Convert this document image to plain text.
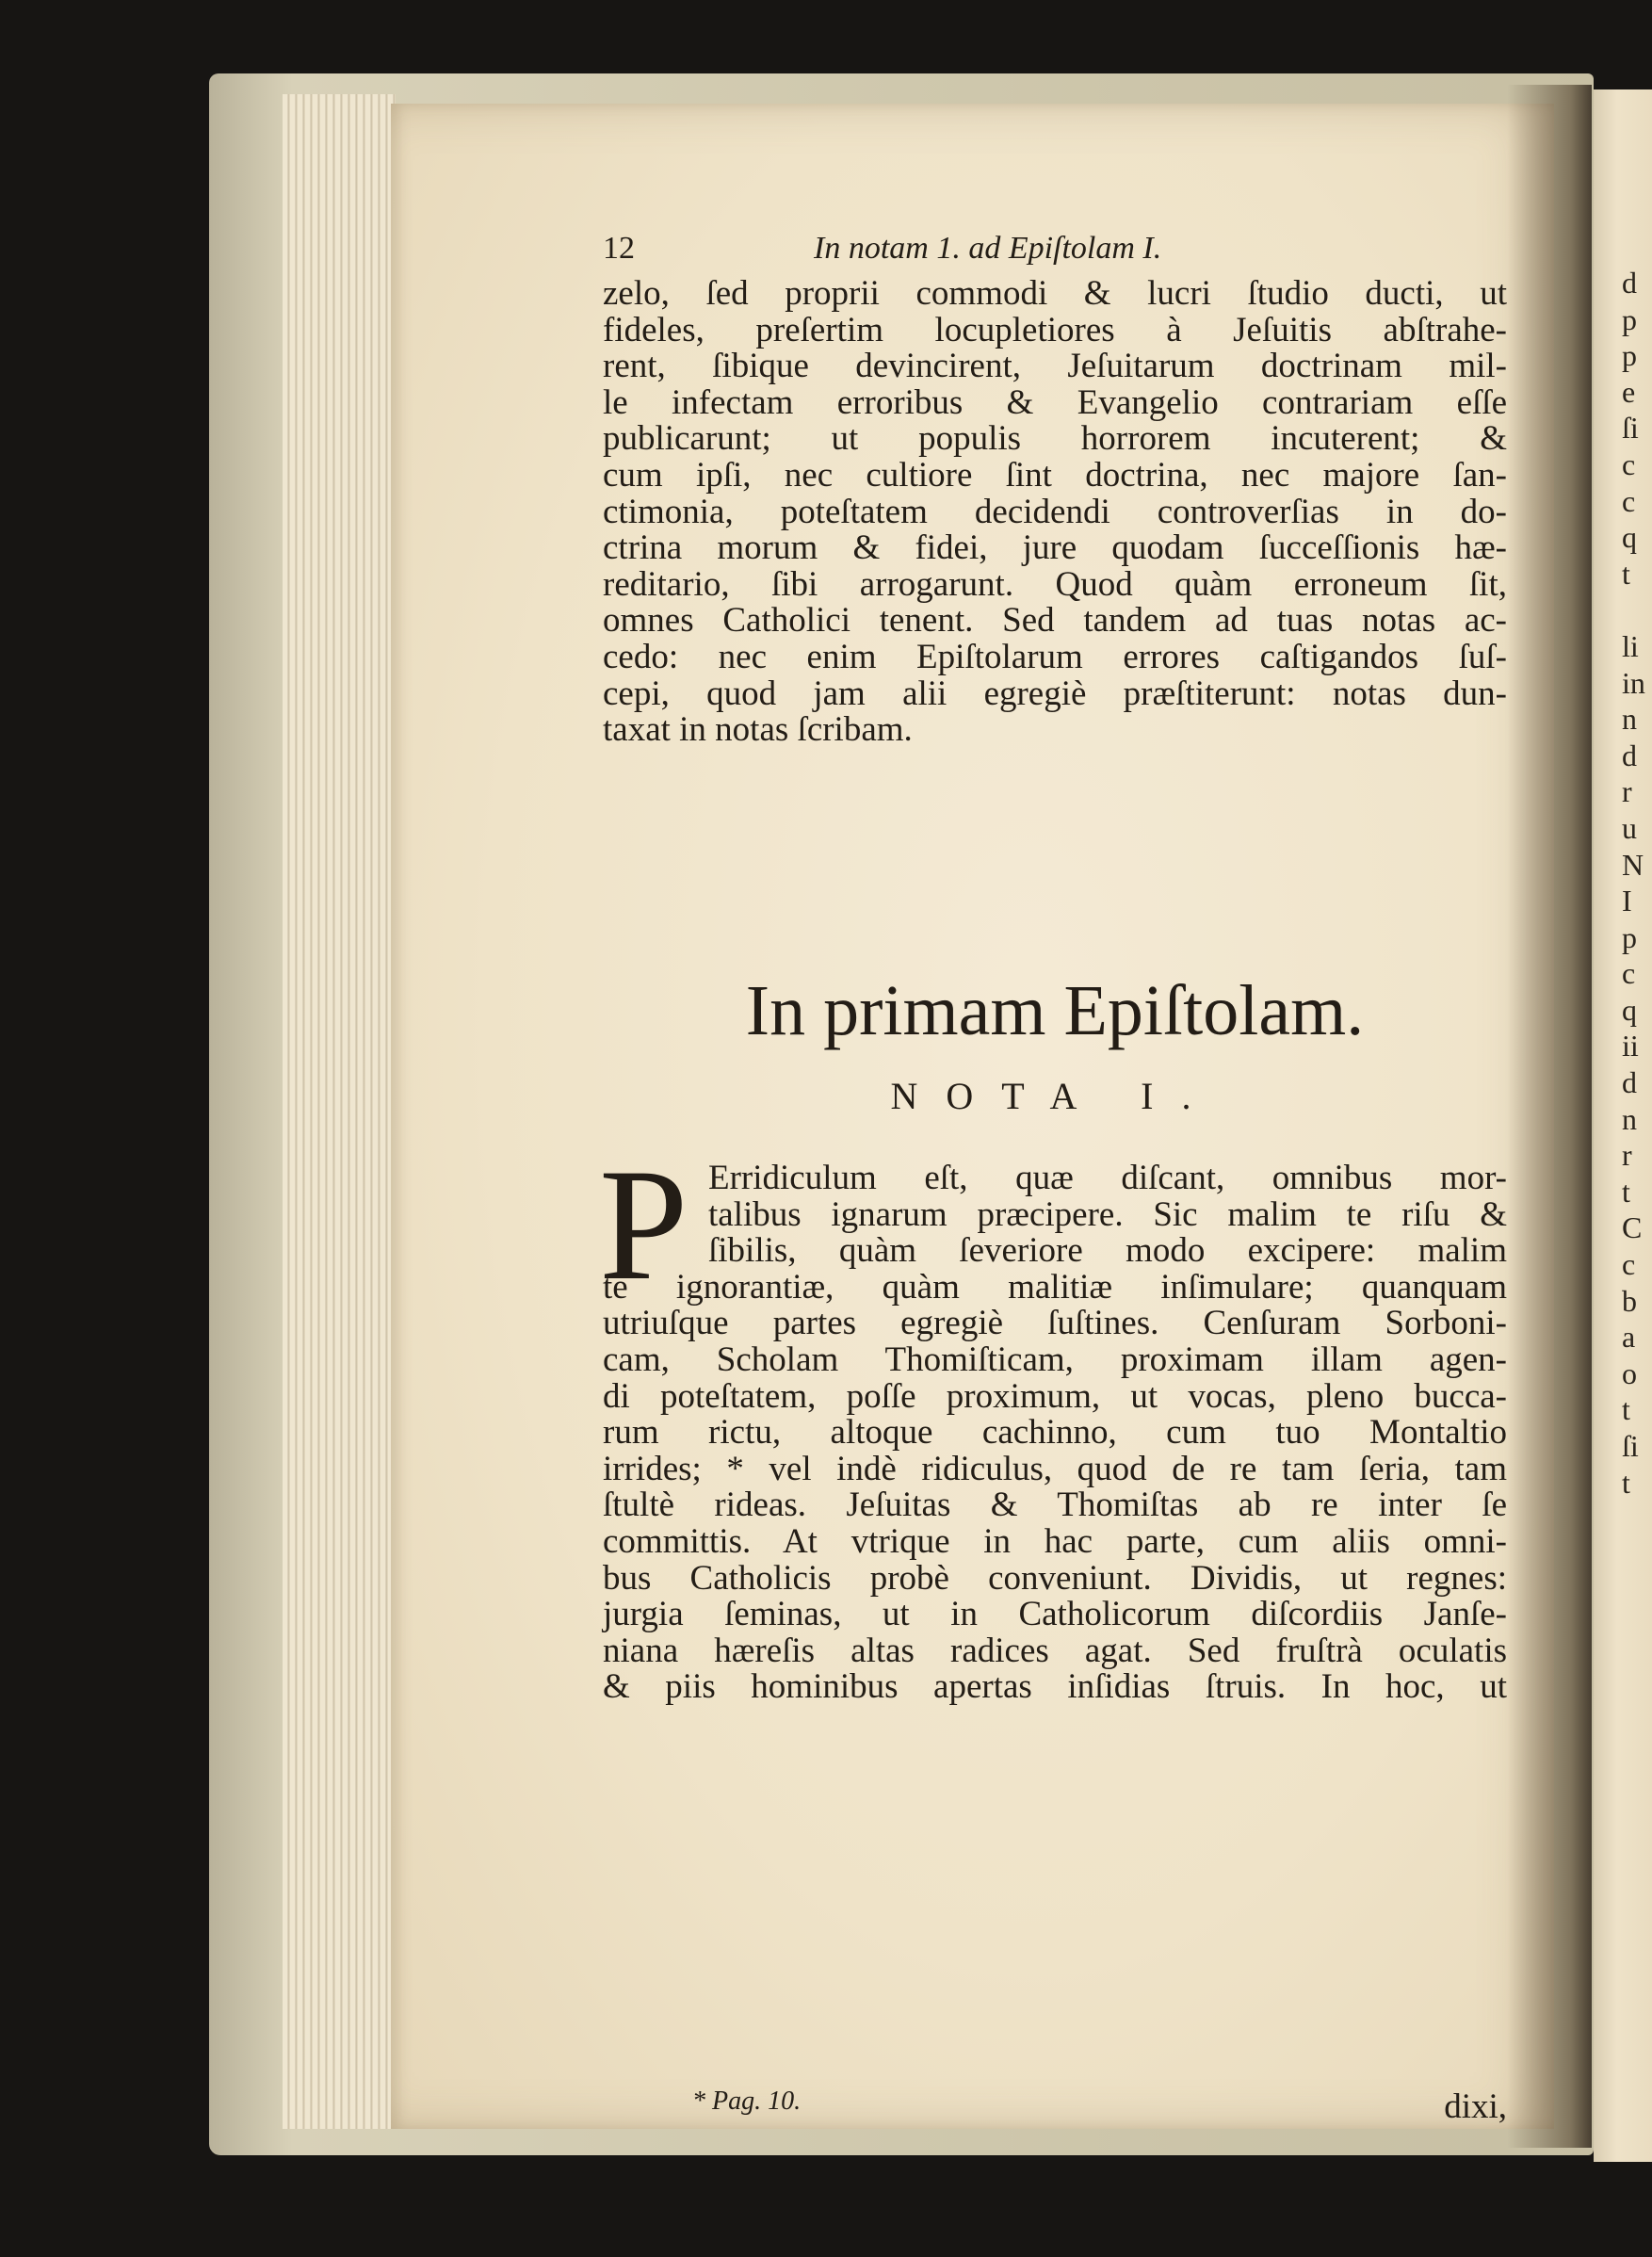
d
p
p
e
ſi
c
c
q
t
li
in
n
d
r
u
N
I
p
c
q
ii
d
n
r
t
C
c
b
a
o
t
ſi
t
12	In notam 1. ad Epiſtolam I.
zelo, ſed proprii commodi & lucri ſtudio ducti, ut
fideles, preſertim locupletiores à Jeſuitis abſtrahe-
rent, ſibique devincirent, Jeſuitarum doctrinam mil-
le infectam erroribus & Evangelio contrariam eſſe
publicarunt; ut populis horrorem incuterent; &
cum ipſi, nec cultiore ſint doctrina, nec majore ſan-
ctimonia, poteſtatem decidendi controverſias in do-
ctrina morum & fidei, jure quodam ſucceſſionis hæ-
reditario, ſibi arrogarunt. Quod quàm erroneum ſit,
omnes Catholici tenent. Sed tandem ad tuas notas ac-
cedo: nec enim Epiſtolarum errores caſtigandos ſuſ-
cepi, quod jam alii egregiè præſtiterunt: notas dun-
taxat in notas ſcribam.
In primam Epiſtolam.
NOTA I.
P Erridiculum eſt, quæ diſcant, omnibus mor-
talibus ignarum præcipere. Sic malim te riſu &
ſibilis, quàm ſeveriore modo excipere: malim
te ignorantiæ, quàm malitiæ inſimulare; quanquam
utriuſque partes egregiè ſuſtines. Cenſuram Sorboni-
cam, Scholam Thomiſticam, proximam illam agen-
di poteſtatem, poſſe proximum, ut vocas, pleno bucca-
rum rictu, altoque cachinno, cum tuo Montaltio
irrides; * vel indè ridiculus, quod de re tam ſeria, tam
ſtultè rideas. Jeſuitas & Thomiſtas ab re inter ſe
committis. At vtrique in hac parte, cum aliis omni-
bus Catholicis probè conveniunt. Dividis, ut regnes:
jurgia ſeminas, ut in Catholicorum diſcordiis Janſe-
niana hæreſis altas radices agat. Sed fruſtrà oculatis
& piis hominibus apertas inſidias ſtruis. In hoc, ut
* Pag. 10.	dixi,
